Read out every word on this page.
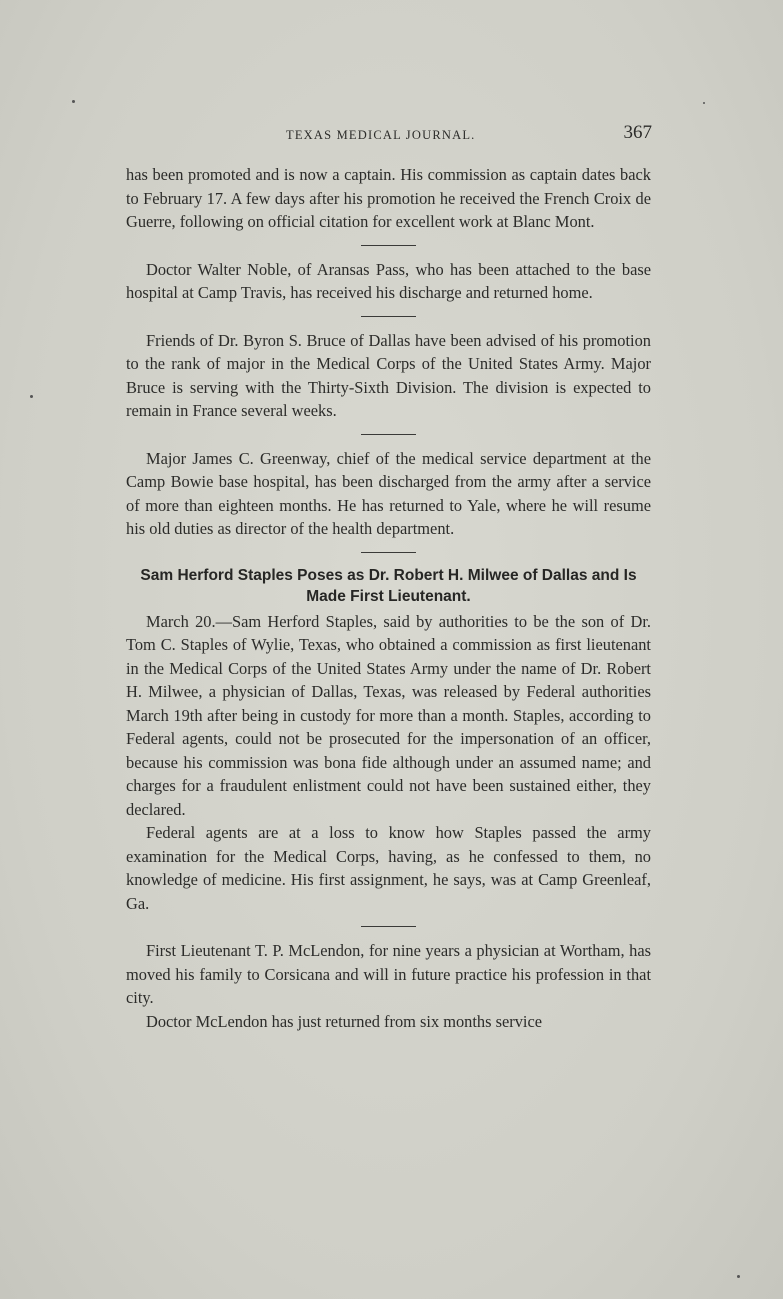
TEXAS MEDICAL JOURNAL.	367

has been promoted and is now a captain. His commission as captain dates back to February 17. A few days after his promotion he received the French Croix de Guerre, following on official citation for excellent work at Blanc Mont.

Doctor Walter Noble, of Aransas Pass, who has been attached to the base hospital at Camp Travis, has received his discharge and returned home.

Friends of Dr. Byron S. Bruce of Dallas have been advised of his promotion to the rank of major in the Medical Corps of the United States Army. Major Bruce is serving with the Thirty-Sixth Division. The division is expected to remain in France several weeks.

Major James C. Greenway, chief of the medical service department at the Camp Bowie base hospital, has been discharged from the army after a service of more than eighteen months. He has returned to Yale, where he will resume his old duties as director of the health department.

Sam Herford Staples Poses as Dr. Robert H. Milwee of Dallas and Is Made First Lieutenant.

March 20.—Sam Herford Staples, said by authorities to be the son of Dr. Tom C. Staples of Wylie, Texas, who obtained a commission as first lieutenant in the Medical Corps of the United States Army under the name of Dr. Robert H. Milwee, a physician of Dallas, Texas, was released by Federal authorities March 19th after being in custody for more than a month. Staples, according to Federal agents, could not be prosecuted for the impersonation of an officer, because his commission was bona fide although under an assumed name; and charges for a fraudulent enlistment could not have been sustained either, they declared.

Federal agents are at a loss to know how Staples passed the army examination for the Medical Corps, having, as he confessed to them, no knowledge of medicine. His first assignment, he says, was at Camp Greenleaf, Ga.

First Lieutenant T. P. McLendon, for nine years a physician at Wortham, has moved his family to Corsicana and will in future practice his profession in that city.

Doctor McLendon has just returned from six months service
